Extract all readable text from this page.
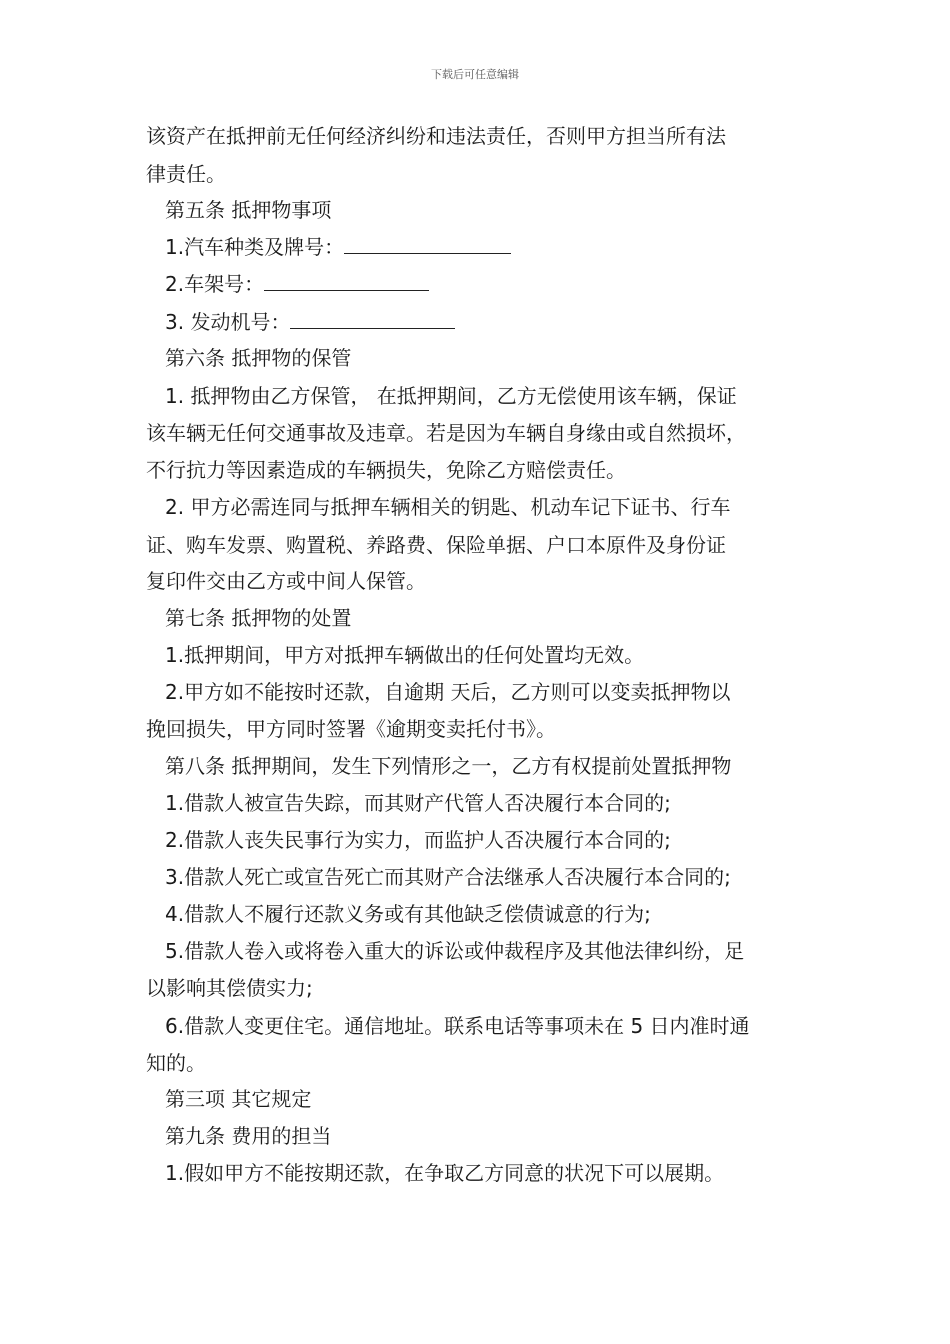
下载后可任意编辑
该资产在抵押前无任何经济纠纷和违法责任，否则甲方担当所有法
律责任。
第五条 抵押物事项
1.汽车种类及牌号：
2.车架号：
3. 发动机号：
第六条 抵押物的保管
1. 抵押物由乙方保管， 在抵押期间，乙方无偿使用该车辆，保证
该车辆无任何交通事故及违章。若是因为车辆自身缘由或自然损坏，
不行抗力等因素造成的车辆损失，免除乙方赔偿责任。
2. 甲方必需连同与抵押车辆相关的钥匙、机动车记下证书、行车
证、购车发票、购置税、养路费、保险单据、户口本原件及身份证
复印件交由乙方或中间人保管。
第七条 抵押物的处置
1.抵押期间，甲方对抵押车辆做出的任何处置均无效。
2.甲方如不能按时还款，自逾期 天后，乙方则可以变卖抵押物以
挽回损失，甲方同时签署《逾期变卖托付书》。
第八条 抵押期间，发生下列情形之一，乙方有权提前处置抵押物
1.借款人被宣告失踪，而其财产代管人否决履行本合同的;
2.借款人丧失民事行为实力，而监护人否决履行本合同的;
3.借款人死亡或宣告死亡而其财产合法继承人否决履行本合同的;
4.借款人不履行还款义务或有其他缺乏偿债诚意的行为;
5.借款人卷入或将卷入重大的诉讼或仲裁程序及其他法律纠纷，足
以影响其偿债实力;
6.借款人变更住宅。通信地址。联系电话等事项未在 5 日内准时通
知的。
第三项 其它规定
第九条 费用的担当
1.假如甲方不能按期还款，在争取乙方同意的状况下可以展期。
